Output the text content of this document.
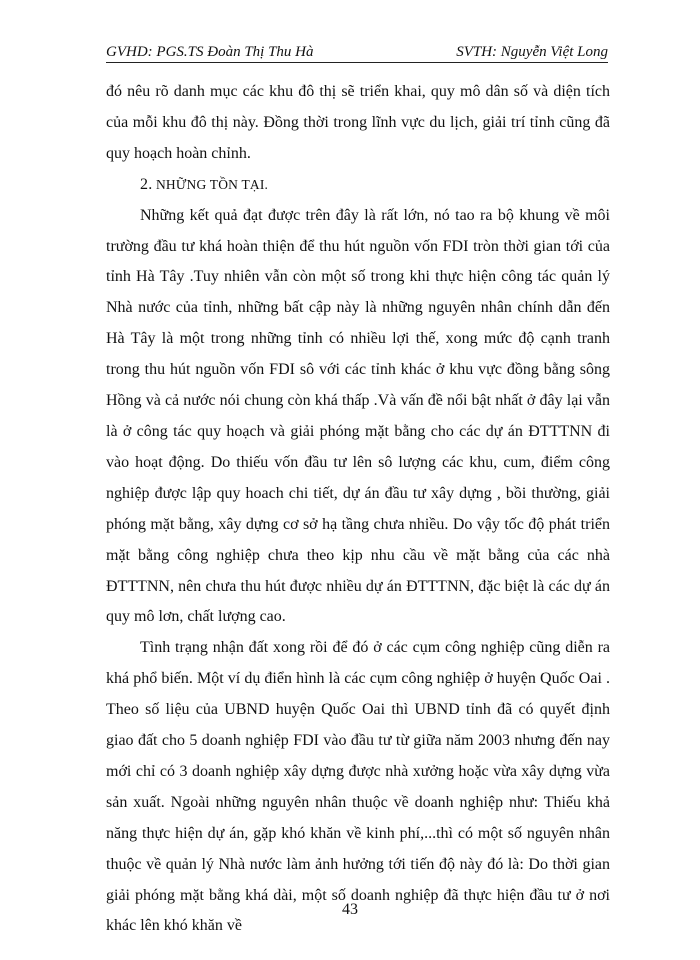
GVHD: PGS.TS Đoàn Thị Thu Hà	SVTH: Nguyễn Việt Long

đó nêu rõ danh mục các khu đô thị sẽ triển khai, quy mô dân số và diện tích của mỗi khu đô thị này. Đồng thời trong lĩnh vực du lịch, giải trí tỉnh cũng đã quy hoạch hoàn chỉnh.

2. NHỮNG TỒN TẠI.

Những kết quả đạt được trên đây là rất lớn, nó tao ra bộ khung về môi trường đầu tư khá hoàn thiện để thu hút nguồn vốn FDI tròn thời gian tới của tỉnh Hà Tây .Tuy nhiên vẫn còn một số trong khi thực hiện công tác quản lý Nhà nước của tỉnh, những bất cập này là những nguyên nhân chính dẫn đến Hà Tây là một trong những tỉnh có nhiều lợi thế, xong mức độ cạnh tranh trong thu hút nguồn vốn FDI sô với các tỉnh khác ở khu vực đồng bằng sông Hồng và cả nước nói chung còn khá thấp .Và vấn đề nổi bật nhất ở đây lại vẫn là ở công tác quy hoạch và giải phóng mặt bằng cho các dự án ĐTTTNN đi vào hoạt động. Do thiếu vốn đầu tư lên sô lượng các khu, cum, điểm công nghiệp được lập quy hoach chi tiết, dự án đầu tư xây dựng , bồi thường, giải phóng mặt bằng, xây dựng cơ sở hạ tầng chưa nhiều. Do vậy tốc độ phát triển mặt bằng công nghiệp chưa theo kịp nhu cầu về mặt bằng của các nhà ĐTTTNN, nên chưa thu hút được nhiều dự án ĐTTTNN, đặc biệt là các dự án quy mô lơn, chất lượng cao.

Tình trạng nhận đất xong rồi để đó ở các cụm công nghiệp cũng diễn ra khá phổ biến. Một ví dụ điển hình là các cụm công nghiệp ở huyện Quốc Oai . Theo số liệu của UBND huyện Quốc Oai thì UBND tỉnh đã có quyết định giao đất cho 5 doanh nghiệp FDI vào đầu tư từ giữa năm 2003 nhưng đến nay mới chỉ có 3 doanh nghiệp xây dựng được nhà xưởng hoặc vừa xây dựng vừa sản xuất. Ngoài những nguyên nhân thuộc về doanh nghiệp như: Thiếu khả năng thực hiện dự án, gặp khó khăn về kinh phí,...thì có một số nguyên nhân thuộc về quản lý Nhà nước làm ảnh hưởng tới tiến độ này đó là: Do thời gian giải phóng mặt bằng khá dài, một số doanh nghiệp đã thực hiện đầu tư ở nơi khác lên khó khăn về

43
